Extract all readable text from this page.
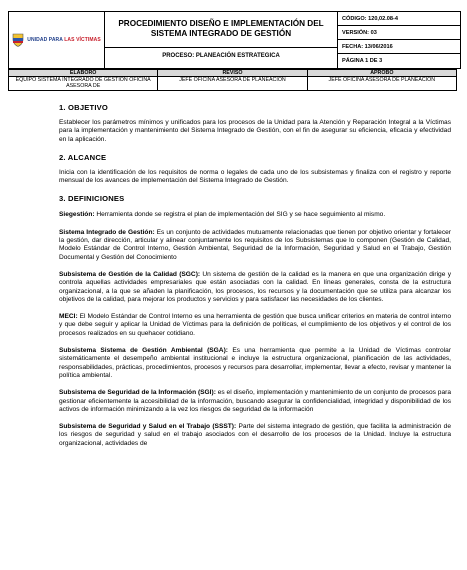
UNIDAD PARA LAS VÍCTIMAS

PROCEDIMIENTO DISEÑO E IMPLEMENTACIÓN DEL SISTEMA INTEGRADO DE GESTIÓN
PROCESO: PLANEACIÓN ESTRATEGICA

CÓDIGO: 120,02.08-4
VERSIÓN: 03
FECHA: 13/06/2016
PÁGINA 1 DE 3
ELABORÓ	REVISÓ	APROBÓ
EQUIPO SISTEMA INTEGRADO DE GESTIÓN OFICINA ASESORA DE	JEFE OFICINA ASESORA DE PLANEACIÓN	JEFE OFICINA ASESORA DE PLANEACIÓN
1. OBJETIVO

Establecer los parámetros mínimos y unificados para los procesos de la Unidad para la Atención y Reparación Integral a la Víctimas para la implementación y mantenimiento del Sistema Integrado de Gestión, con el fin de asegurar su eficiencia, eficacia y efectividad en la aplicación.

2. ALCANCE

Inicia con la identificación de los requisitos de norma o legales de cada uno de los subsistemas y finaliza con el registro y reporte mensual de los avances de implementación del Sistema Integrado de Gestión.

3. DEFINICIONES

Siegestión: Herramienta donde se registra el plan de implementación del SIG y se hace seguimiento al mismo.

Sistema Integrado de Gestión: Es un conjunto de actividades mutuamente relacionadas que tienen por objetivo orientar y fortalecer la gestión, dar dirección, articular y alinear conjuntamente los requisitos de los Subsistemas que lo componen (Gestión de Calidad, Modelo Estándar de Control Interno, Gestión Ambiental, Seguridad de la Información, Seguridad y Salud en el Trabajo, Gestión Documental y Gestión del Conocimiento

Subsistema de Gestión de la Calidad (SGC): Un sistema de gestión de la calidad es la manera en que una organización dirige y controla aquellas actividades empresariales que están asociadas con la calidad. En líneas generales, consta de la estructura organizacional, a la que se añaden la planificación, los procesos, los recursos y la documentación que se utiliza para alcanzar los objetivos de la calidad, para mejorar los productos y servicios y para satisfacer las necesidades de los clientes.

MECI: El Modelo Estándar de Control Interno es una herramienta de gestión que busca unificar criterios en materia de control interno y que debe seguir y aplicar la Unidad de Víctimas para la definición de políticas, el cumplimiento de los objetivos y el control de los procesos realizados en su quehacer cotidiano.

Subsistema Sistema de Gestión Ambiental (SGA): Es una herramienta que permite a la Unidad de Víctimas controlar sistemáticamente el desempeño ambiental institucional e incluye la estructura organizacional, planificación de las actividades, responsabilidades, prácticas, procedimientos, procesos y recursos para desarrollar, implementar, llevar a efecto, revisar y mantener la política ambiental.

Subsistema de Seguridad de la Información (SGI): es el diseño, implementación y mantenimiento de un conjunto de procesos para gestionar eficientemente la accesibilidad de la información, buscando asegurar la confidencialidad, integridad y disponibilidad de los activos de información minimizando a la vez los riesgos de seguridad de la información

Subsistema de Seguridad y Salud en el Trabajo (SSST): Parte del sistema integrado de gestión, que facilita la administración de los riesgos de seguridad y salud en el trabajo asociados con el desarrollo de los procesos de la Unidad. Incluye la estructura organizacional, actividades de
